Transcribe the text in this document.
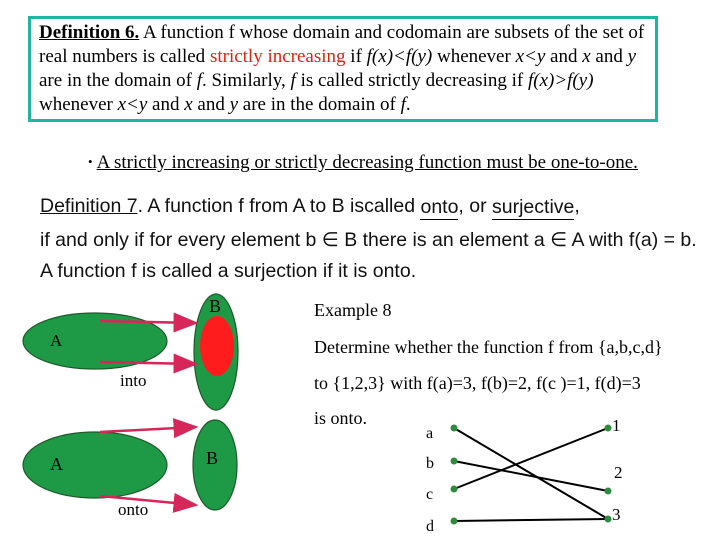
Definition 6. A function f whose domain and codomain are subsets of the set of real numbers is called strictly increasing if f(x)<f(y) whenever x<y and x and y are in the domain of f. Similarly, f is called strictly decreasing if f(x)>f(y) whenever x<y and x and y are in the domain of f.
• A strictly increasing or strictly decreasing function must be one-to-one.
Definition 7. A function f from A to B iscalled onto, or surjective,
if and only if for every element b ∈ B there is an element a ∈ A with f(a) = b.
A function f is called a surjection if it is onto.
A
B
into
A	B
onto
a
b
c
d
1
2
3
Example 8
Determine whether the function f from {a,b,c,d}
to {1,2,3} with f(a)=3, f(b)=2, f(c )=1, f(d)=3
is onto.
